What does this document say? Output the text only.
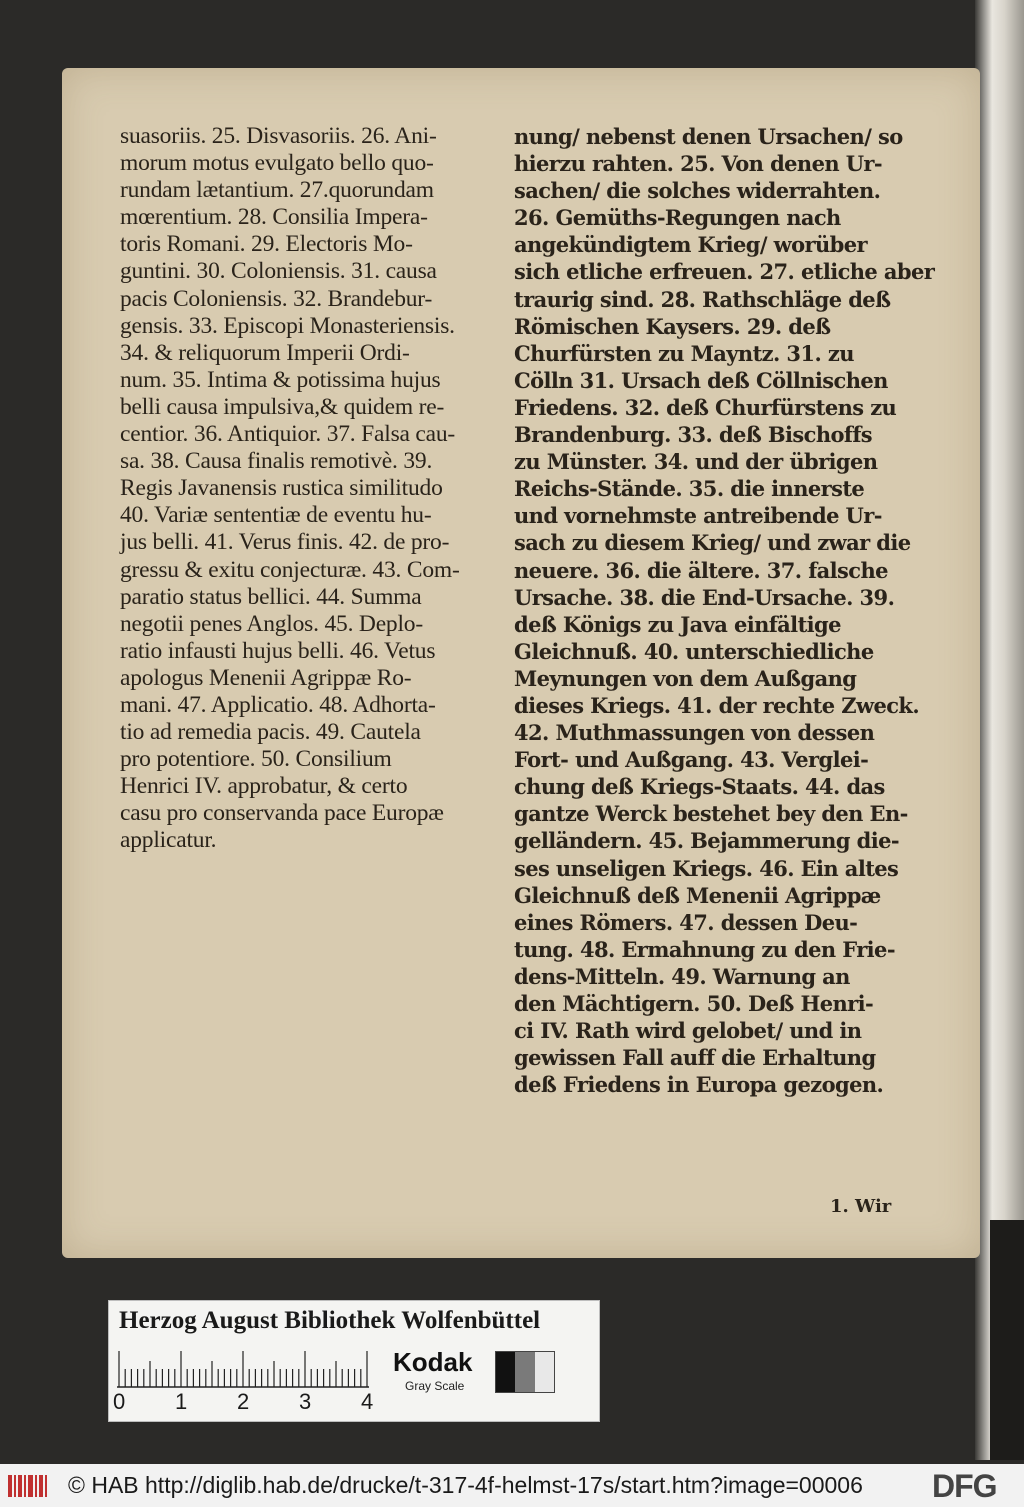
suasoriis. 25. Disvasoriis. 26. Ani-
morum motus evulgato bello quo-
rundam lætantium. 27.quorundam
mœrentium. 28. Consilia Impera-
toris Romani. 29. Electoris Mo-
guntini. 30. Coloniensis. 31. causa
pacis Coloniensis. 32. Brandebur-
gensis. 33. Episcopi Monasteriensis.
34. & reliquorum Imperii Ordi-
num. 35. Intima & potissima hujus
belli causa impulsiva,& quidem re-
centior. 36. Antiquior. 37. Falsa cau-
sa. 38. Causa finalis remotivè. 39.
Regis Javanensis rustica similitudo
40. Variæ sententiæ de eventu hu-
jus belli. 41. Verus finis. 42. de pro-
gressu & exitu conjecturæ. 43. Com-
paratio status bellici. 44. Summa
negotii penes Anglos. 45. Deplo-
ratio infausti hujus belli. 46. Vetus
apologus Menenii Agrippæ Ro-
mani. 47. Applicatio. 48. Adhorta-
tio ad remedia pacis. 49. Cautela
pro potentiore. 50. Consilium
Henrici IV. approbatur, & certo
casu pro conservanda pace Europæ
applicatur.
nung/ nebenst denen Ursachen/ so
hierzu rahten. 25. Von denen Ur-
sachen/ die solches widerrahten.
26. Gemüths-Regungen nach
angekündigtem Krieg/ worüber
sich etliche erfreuen. 27. etliche aber
traurig sind. 28. Rathschläge deß
Römischen Kaysers. 29. deß
Churfürsten zu Mayntz. 31. zu
Cölln 31. Ursach deß Cöllnischen
Friedens. 32. deß Churfürstens zu
Brandenburg. 33. deß Bischoffs
zu Münster. 34. und der übrigen
Reichs-Stände. 35. die innerste
und vornehmste antreibende Ur-
sach zu diesem Krieg/ und zwar die
neuere. 36. die ältere. 37. falsche
Ursache. 38. die End-Ursache. 39.
deß Königs zu Java einfältige
Gleichnuß. 40. unterschiedliche
Meynungen von dem Außgang
dieses Kriegs. 41. der rechte Zweck.
42. Muthmassungen von dessen
Fort- und Außgang. 43. Verglei-
chung deß Kriegs-Staats. 44. das
gantze Werck bestehet bey den En-
gelländern. 45. Bejammerung die-
ses unseligen Kriegs. 46. Ein altes
Gleichnuß deß Menenii Agrippæ
eines Römers. 47. dessen Deu-
tung. 48. Ermahnung zu den Frie-
dens-Mitteln. 49. Warnung an
den Mächtigern. 50. Deß Henri-
ci IV. Rath wird gelobet/ und in
gewissen Fall auff die Erhaltung
deß Friedens in Europa gezogen.
1. Wir
Herzog August Bibliothek Wolfenbüttel
0 1 2 3 4
Kodak
Gray Scale
© HAB http://diglib.hab.de/drucke/t-317-4f-helmst-17s/start.htm?image=00006 DFG
